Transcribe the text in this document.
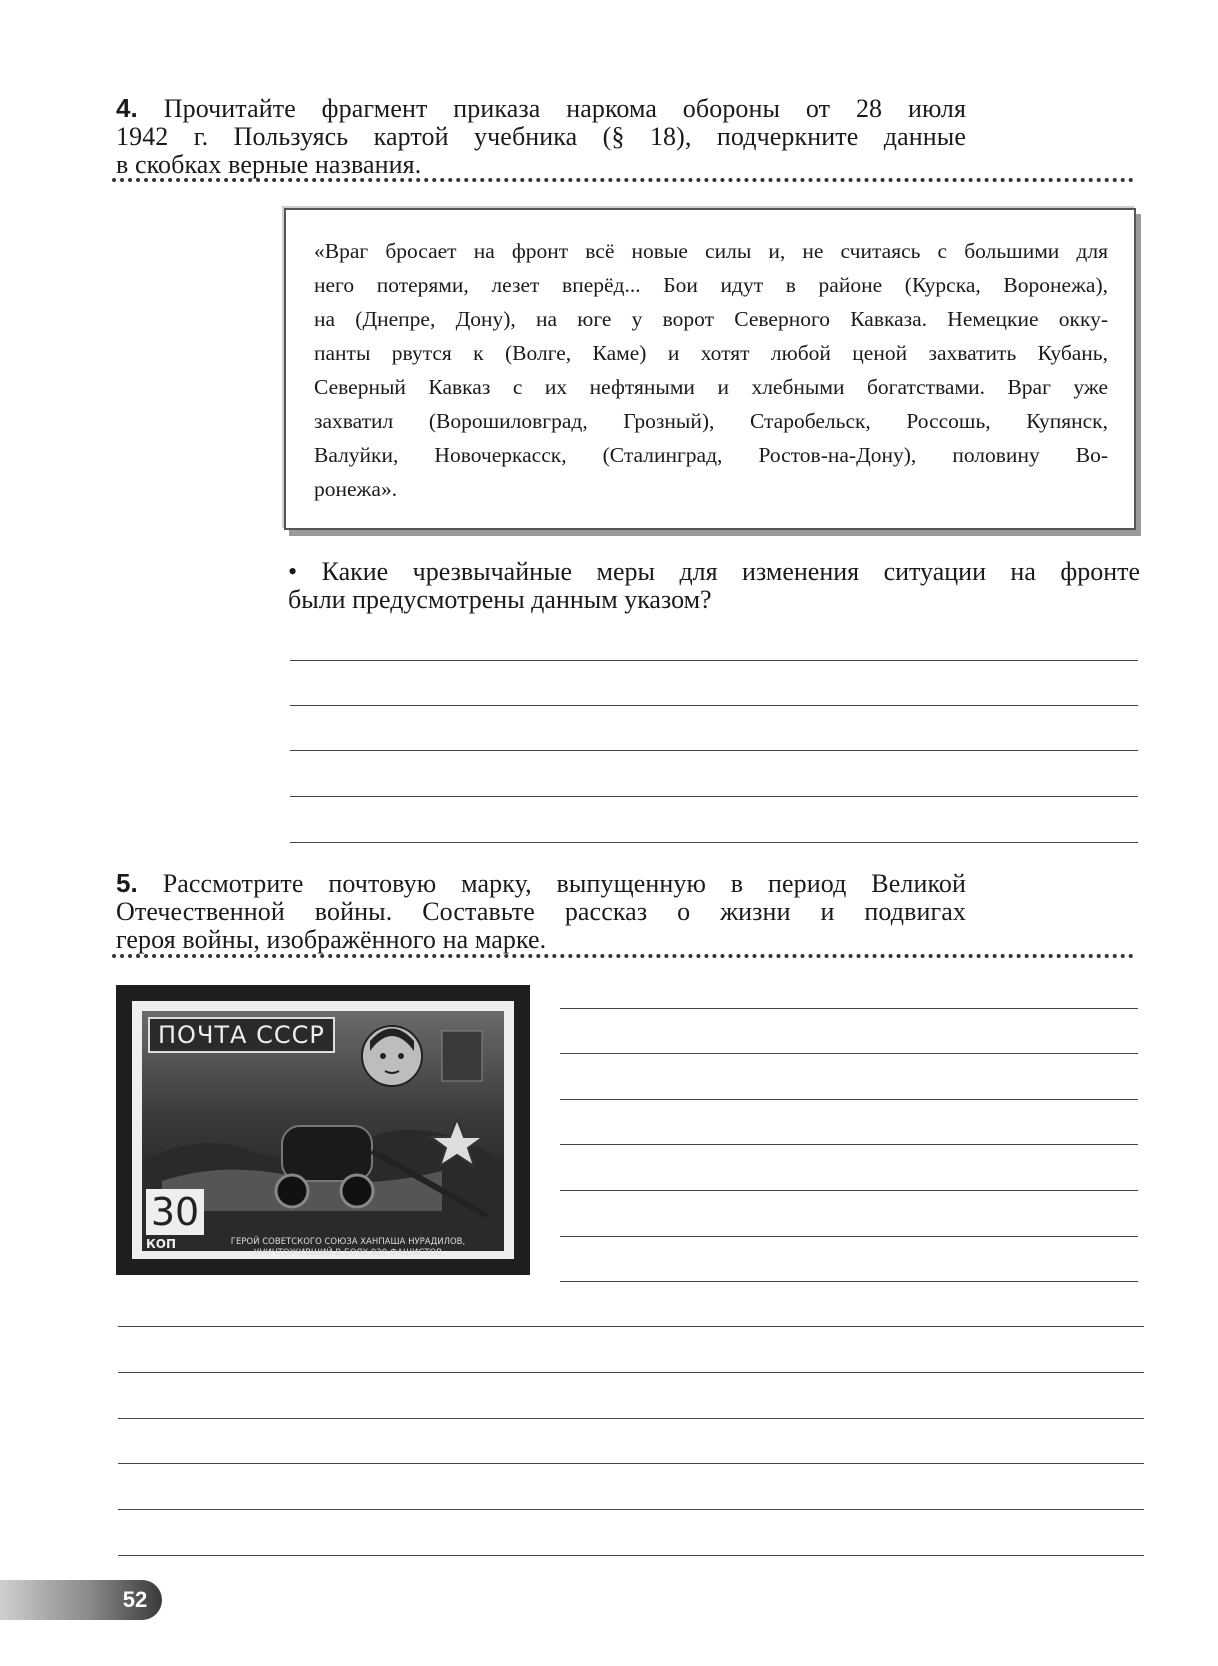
4. Прочитайте фрагмент приказа наркома обороны от 28 июля
1942 г. Пользуясь картой учебника (§ 18), подчеркните данные
в скобках верные названия.
«Враг бросает на фронт всё новые силы и, не считаясь с большими для
него потерями, лезет вперёд... Бои идут в районе (Курска, Воронежа),
на (Днепре, Дону), на юге у ворот Северного Кавказа. Немецкие окку-
панты рвутся к (Волге, Каме) и хотят любой ценой захватить Кубань,
Северный Кавказ с их нефтяными и хлебными богатствами. Враг уже
захватил (Ворошиловград, Грозный), Старобельск, Россошь, Купянск,
Валуйки, Новочеркасск, (Сталинград, Ростов-на-Дону), половину Во-
ронежа».
• Какие чрезвычайные меры для изменения ситуации на фронте
были предусмотрены данным указом?
5. Рассмотрите почтовую марку, выпущенную в период Великой
Отечественной войны. Составьте рассказ о жизни и подвигах
героя войны, изображённого на марке.
ПОЧТА СССР
30
КОП	ГЕРОЙ СОВЕТСКОГО СОЮЗА ХАНПАША НУРАДИЛОВ,
УНИЧТОЖИВШИЙ В БОЯХ 920 ФАШИСТОВ
52
